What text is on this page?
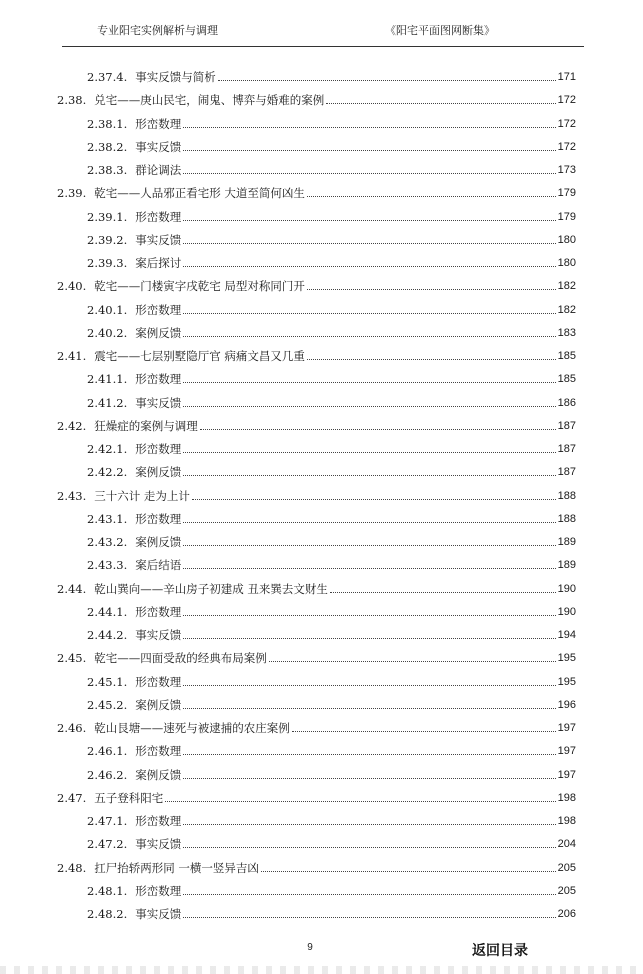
专业阳宅实例解析与调理	《阳宅平面图网断集》
2.37.4. 事实反馈与简析	171
2.38. 兑宅——庚山民宅，闹鬼、博弈与婚难的案例	172
2.38.1. 形峦数理	172
2.38.2. 事实反馈	172
2.38.3. 群论调法	173
2.39. 乾宅——人品邪正看宅形 大道至简何凶生	179
2.39.1. 形峦数理	179
2.39.2. 事实反馈	180
2.39.3. 案后探讨	180
2.40. 乾宅——门楼寅字戌乾宅 局型对称同门开	182
2.40.1. 形峦数理	182
2.40.2. 案例反馈	183
2.41. 震宅——七层别墅隐厅官 病痛文昌又几重	185
2.41.1. 形峦数理	185
2.41.2. 事实反馈	186
2.42. 狂燥症的案例与调理	187
2.42.1. 形峦数理	187
2.42.2. 案例反馈	187
2.43. 三十六计 走为上计	188
2.43.1. 形峦数理	188
2.43.2. 案例反馈	189
2.43.3. 案后结语	189
2.44. 乾山巽向——辛山房子初建成 丑来巽去文财生	190
2.44.1. 形峦数理	190
2.44.2. 事实反馈	194
2.45. 乾宅——四面受敌的经典布局案例	195
2.45.1. 形峦数理	195
2.45.2. 案例反馈	196
2.46. 乾山艮塘——速死与被逮捕的农庄案例	197
2.46.1. 形峦数理	197
2.46.2. 案例反馈	197
2.47. 五子登科阳宅	198
2.47.1. 形峦数理	198
2.47.2. 事实反馈	204
2.48. 扛尸抬轿两形同 一横一竖异吉凶	205
2.48.1. 形峦数理	205
2.48.2. 事实反馈	206
9	返回目录
